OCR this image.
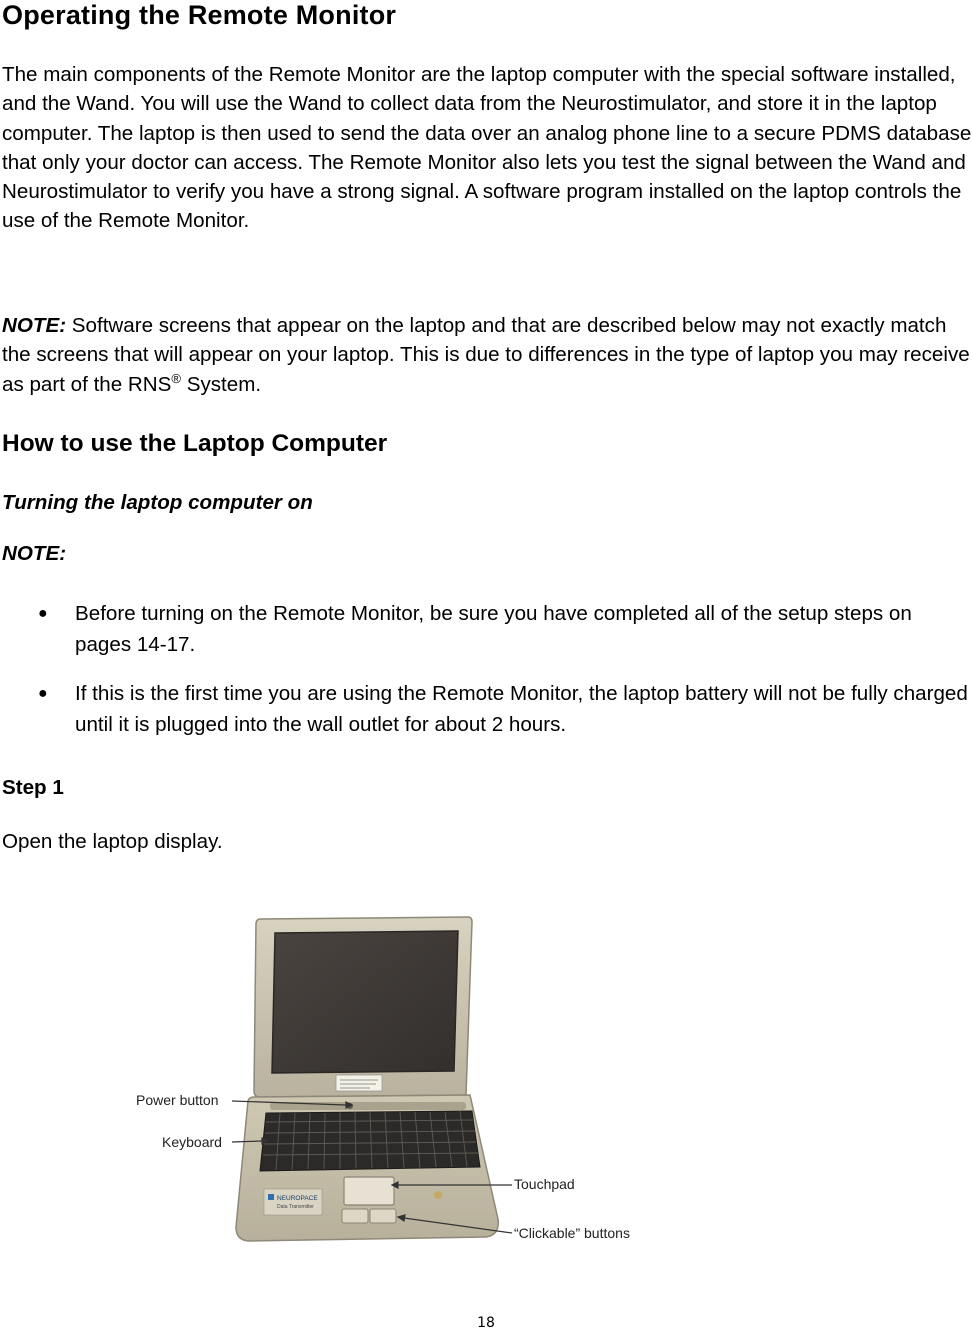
Operating the Remote Monitor

The main components of the Remote Monitor are the laptop computer with the special software installed, and the Wand. You will use the Wand to collect data from the Neurostimulator, and store it in the laptop computer. The laptop is then used to send the data over an analog phone line to a secure PDMS database that only your doctor can access. The Remote Monitor also lets you test the signal between the Wand and Neurostimulator to verify you have a strong signal. A software program installed on the laptop controls the use of the Remote Monitor.

NOTE: Software screens that appear on the laptop and that are described below may not exactly match the screens that will appear on your laptop. This is due to differences in the type of laptop you may receive as part of the RNS® System.

How to use the Laptop Computer

Turning the laptop computer on

NOTE:

● Before turning on the Remote Monitor, be sure you have completed all of the setup steps on pages 14-17.
● If this is the first time you are using the Remote Monitor, the laptop battery will not be fully charged until it is plugged into the wall outlet for about 2 hours.

Step 1

Open the laptop display.

NEUROPACE
Data Transmitter
Power button
Keyboard
Touchpad
“Clickable” buttons
18
